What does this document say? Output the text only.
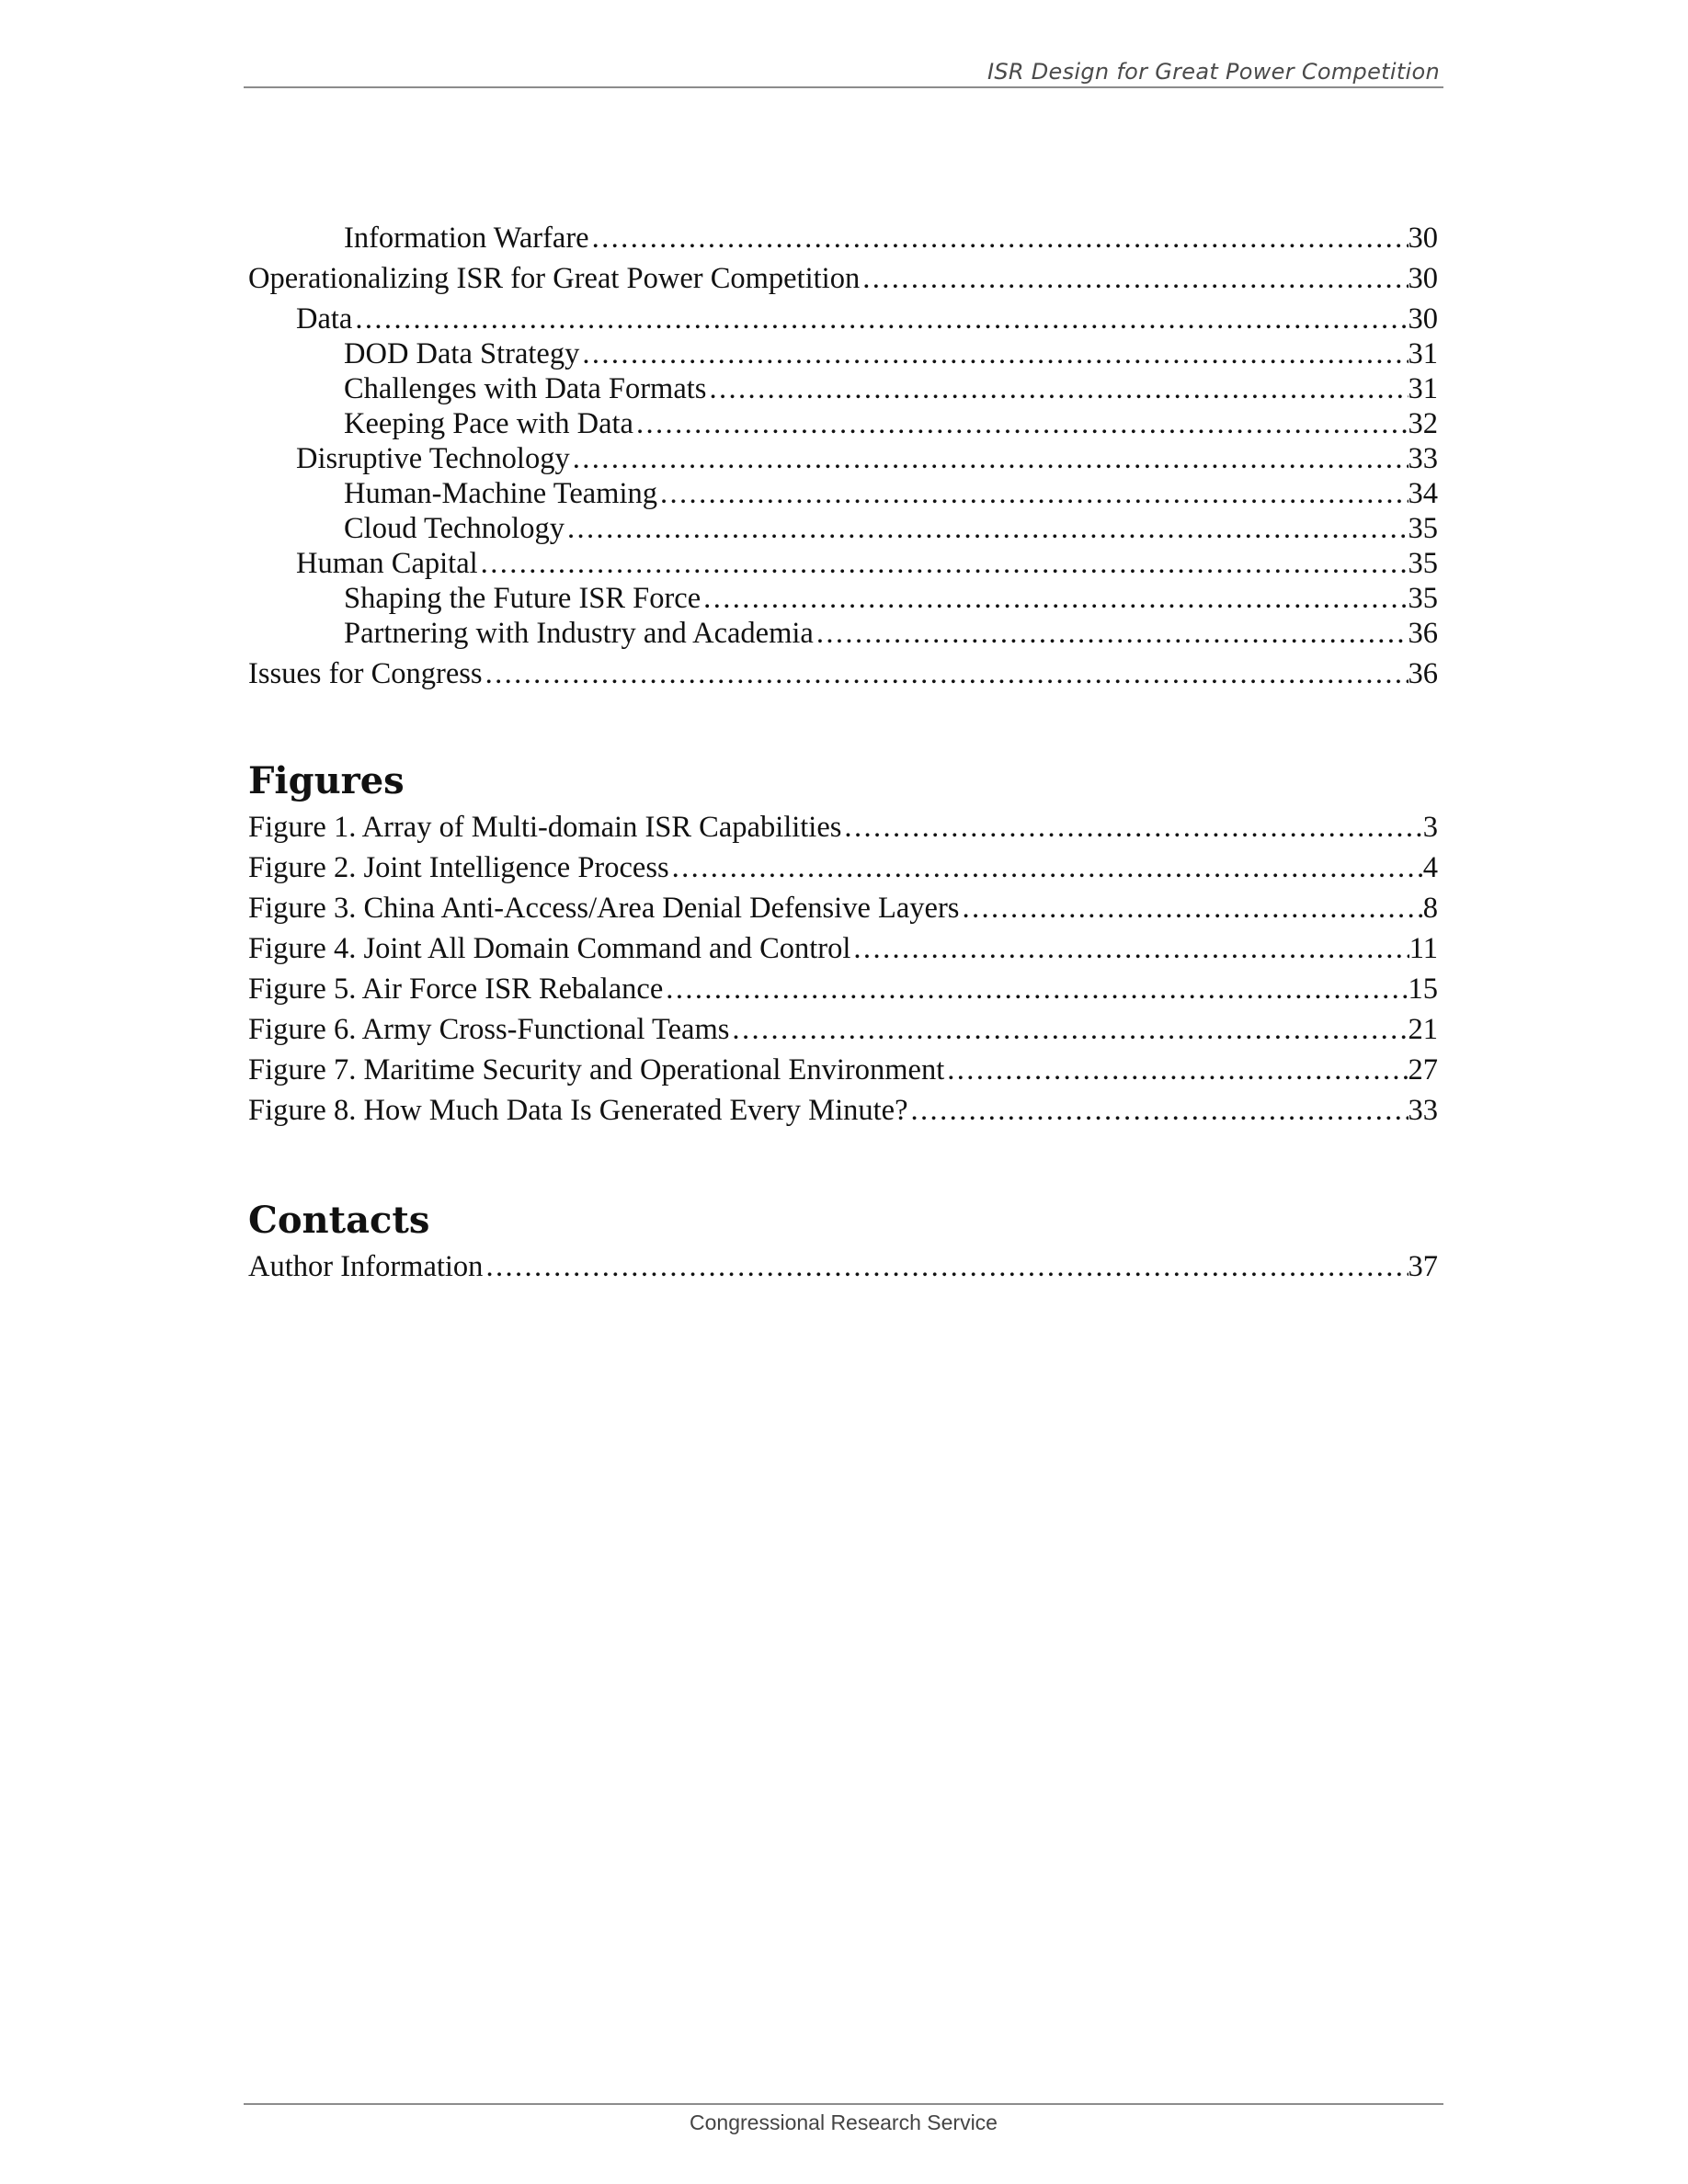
ISR Design for Great Power Competition
Information Warfare .....	30
Operationalizing ISR for Great Power Competition .....	30
Data .....	30
DOD Data Strategy .....	31
Challenges with Data Formats .....	31
Keeping Pace with Data .....	32
Disruptive Technology .....	33
Human-Machine Teaming .....	34
Cloud Technology .....	35
Human Capital .....	35
Shaping the Future ISR Force .....	35
Partnering with Industry and Academia .....	36
Issues for Congress .....	36
Figures
Figure 1. Array of Multi-domain ISR Capabilities .....	3
Figure 2. Joint Intelligence Process .....	4
Figure 3. China Anti-Access/Area Denial Defensive Layers .....	8
Figure 4. Joint All Domain Command and Control .....	11
Figure 5. Air Force ISR Rebalance .....	15
Figure 6. Army Cross-Functional Teams .....	21
Figure 7. Maritime Security and Operational Environment .....	27
Figure 8. How Much Data Is Generated Every Minute? .....	33
Contacts
Author Information .....	37
Congressional Research Service
